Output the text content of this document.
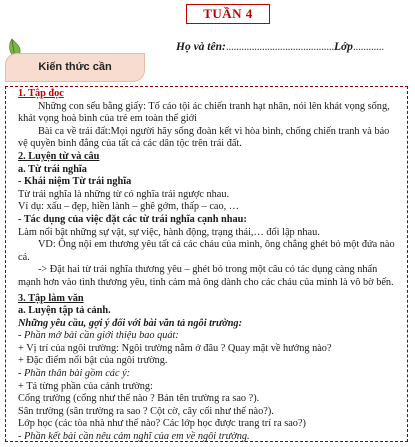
TUẦN 4
Họ và tên:..........................................Lớp............
Kiến thức cần

1. Tập đọc

Những con sếu bằng giấy: Tố cáo tội ác chiến tranh hạt nhân, nói lên khát vọng sống, khát vọng hoà bình của trẻ em toàn thế giới

Bài ca về trái đất:Mọi người hãy sống đoàn kết vì hòa bình, chống chiến tranh và bảo vệ quyền bình đẳng của tất cả các dân tộc trên trái đất.

2. Luyện từ và câu

a. Từ trái nghĩa

- Khái niệm Từ trái nghĩa

Từ trái nghĩa là những từ có nghĩa trái ngược nhau.

Ví dụ: xấu – đẹp, hiền lành – ghê gớm, thấp – cao, …

- Tác dụng của việc đặt các từ trái nghĩa cạnh nhau:

Làm nổi bật những sự vật, sự việc, hành động, trạng thái,… đối lập nhau.

VD: Ông nội em thương yêu tất cả các cháu của mình, ông chẳng ghét bỏ một đứa nào cả.

-> Đặt hai từ trái nghĩa thương yêu – ghét bỏ trong một câu có tác dụng càng nhấn mạnh hơn vào tình thương yêu, tình cảm mà ông dành cho các cháu của mình là vô bờ bến.

3. Tập làm văn

a. Luyện tập tả cảnh.

Những yêu cầu, gợi ý đối với bài văn tả ngôi trường:

- Phần mở bài cần giới thiệu bao quát:

+ Vị trí của ngôi trường: Ngôi trường nằm ở đâu ? Quay mặt về hướng nào?

+ Đặc điểm nổi bật của ngôi trường.

- Phần thân bài gồm các ý:

+ Tả từng phần của cảnh trường:

Cổng trường (cổng như thế nào ? Bản tên trường ra sao ?).

Sân trường (sân trường ra sao ? Cột cờ, cây cối như thế nào?).

Lớp học (các tòa nhà như thế nào? Các lớp học được trang trí ra sao?)

- Phần kết bài cần nêu cảm nghĩ của em về ngôi trường.
